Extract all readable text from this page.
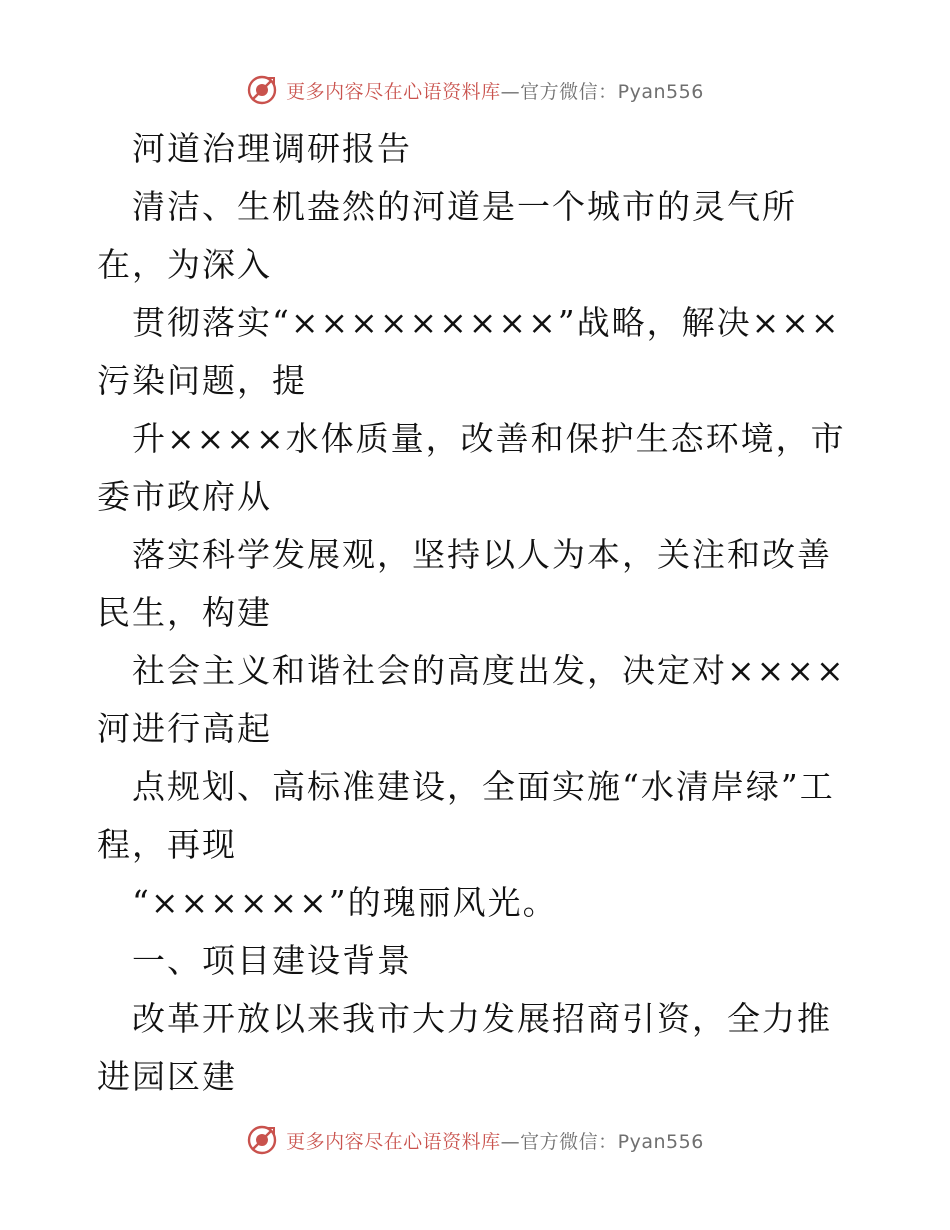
更多内容尽在心语资料库—官方微信：Pyan556

　河道治理调研报告

　清洁、生机盎然的河道是一个城市的灵气所在，为深入

　贯彻落实“×××××××××”战略，解决×××污染问题，提

　升××××水体质量，改善和保护生态环境，市委市政府从

　落实科学发展观，坚持以人为本，关注和改善民生，构建

　社会主义和谐社会的高度出发，决定对××××河进行高起

　点规划、高标准建设，全面实施“水清岸绿”工程，再现

　“××××××”的瑰丽风光。

　一、项目建设背景

　改革开放以来我市大力发展招商引资，全力推进园区建

更多内容尽在心语资料库—官方微信：Pyan556
